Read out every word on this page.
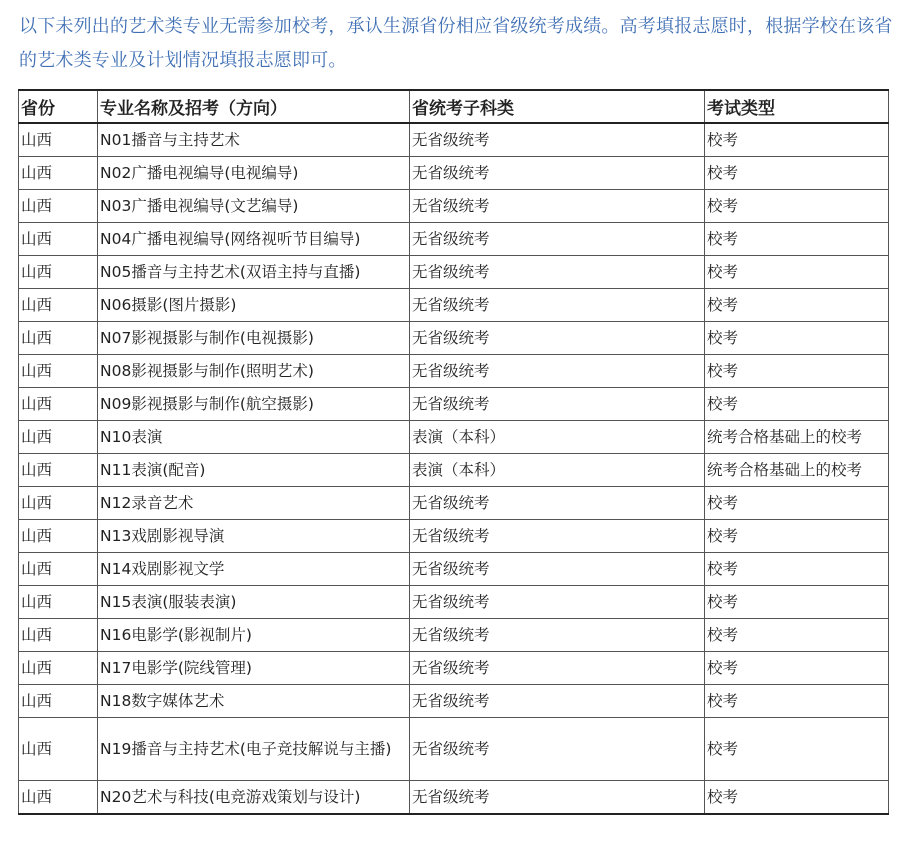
以下未列出的艺术类专业无需参加校考，承认生源省份相应省级统考成绩。高考填报志愿时，根据学校在该省的艺术类专业及计划情况填报志愿即可。

省份	专业名称及招考（方向）	省统考子科类	考试类型
山西	N01播音与主持艺术	无省级统考	校考
山西	N02广播电视编导(电视编导)	无省级统考	校考
山西	N03广播电视编导(文艺编导)	无省级统考	校考
山西	N04广播电视编导(网络视听节目编导)	无省级统考	校考
山西	N05播音与主持艺术(双语主持与直播)	无省级统考	校考
山西	N06摄影(图片摄影)	无省级统考	校考
山西	N07影视摄影与制作(电视摄影)	无省级统考	校考
山西	N08影视摄影与制作(照明艺术)	无省级统考	校考
山西	N09影视摄影与制作(航空摄影)	无省级统考	校考
山西	N10表演	表演（本科）	统考合格基础上的校考
山西	N11表演(配音)	表演（本科）	统考合格基础上的校考
山西	N12录音艺术	无省级统考	校考
山西	N13戏剧影视导演	无省级统考	校考
山西	N14戏剧影视文学	无省级统考	校考
山西	N15表演(服装表演)	无省级统考	校考
山西	N16电影学(影视制片)	无省级统考	校考
山西	N17电影学(院线管理)	无省级统考	校考
山西	N18数字媒体艺术	无省级统考	校考
山西	N19播音与主持艺术(电子竞技解说与主播)	无省级统考	校考
山西	N20艺术与科技(电竞游戏策划与设计)	无省级统考	校考
